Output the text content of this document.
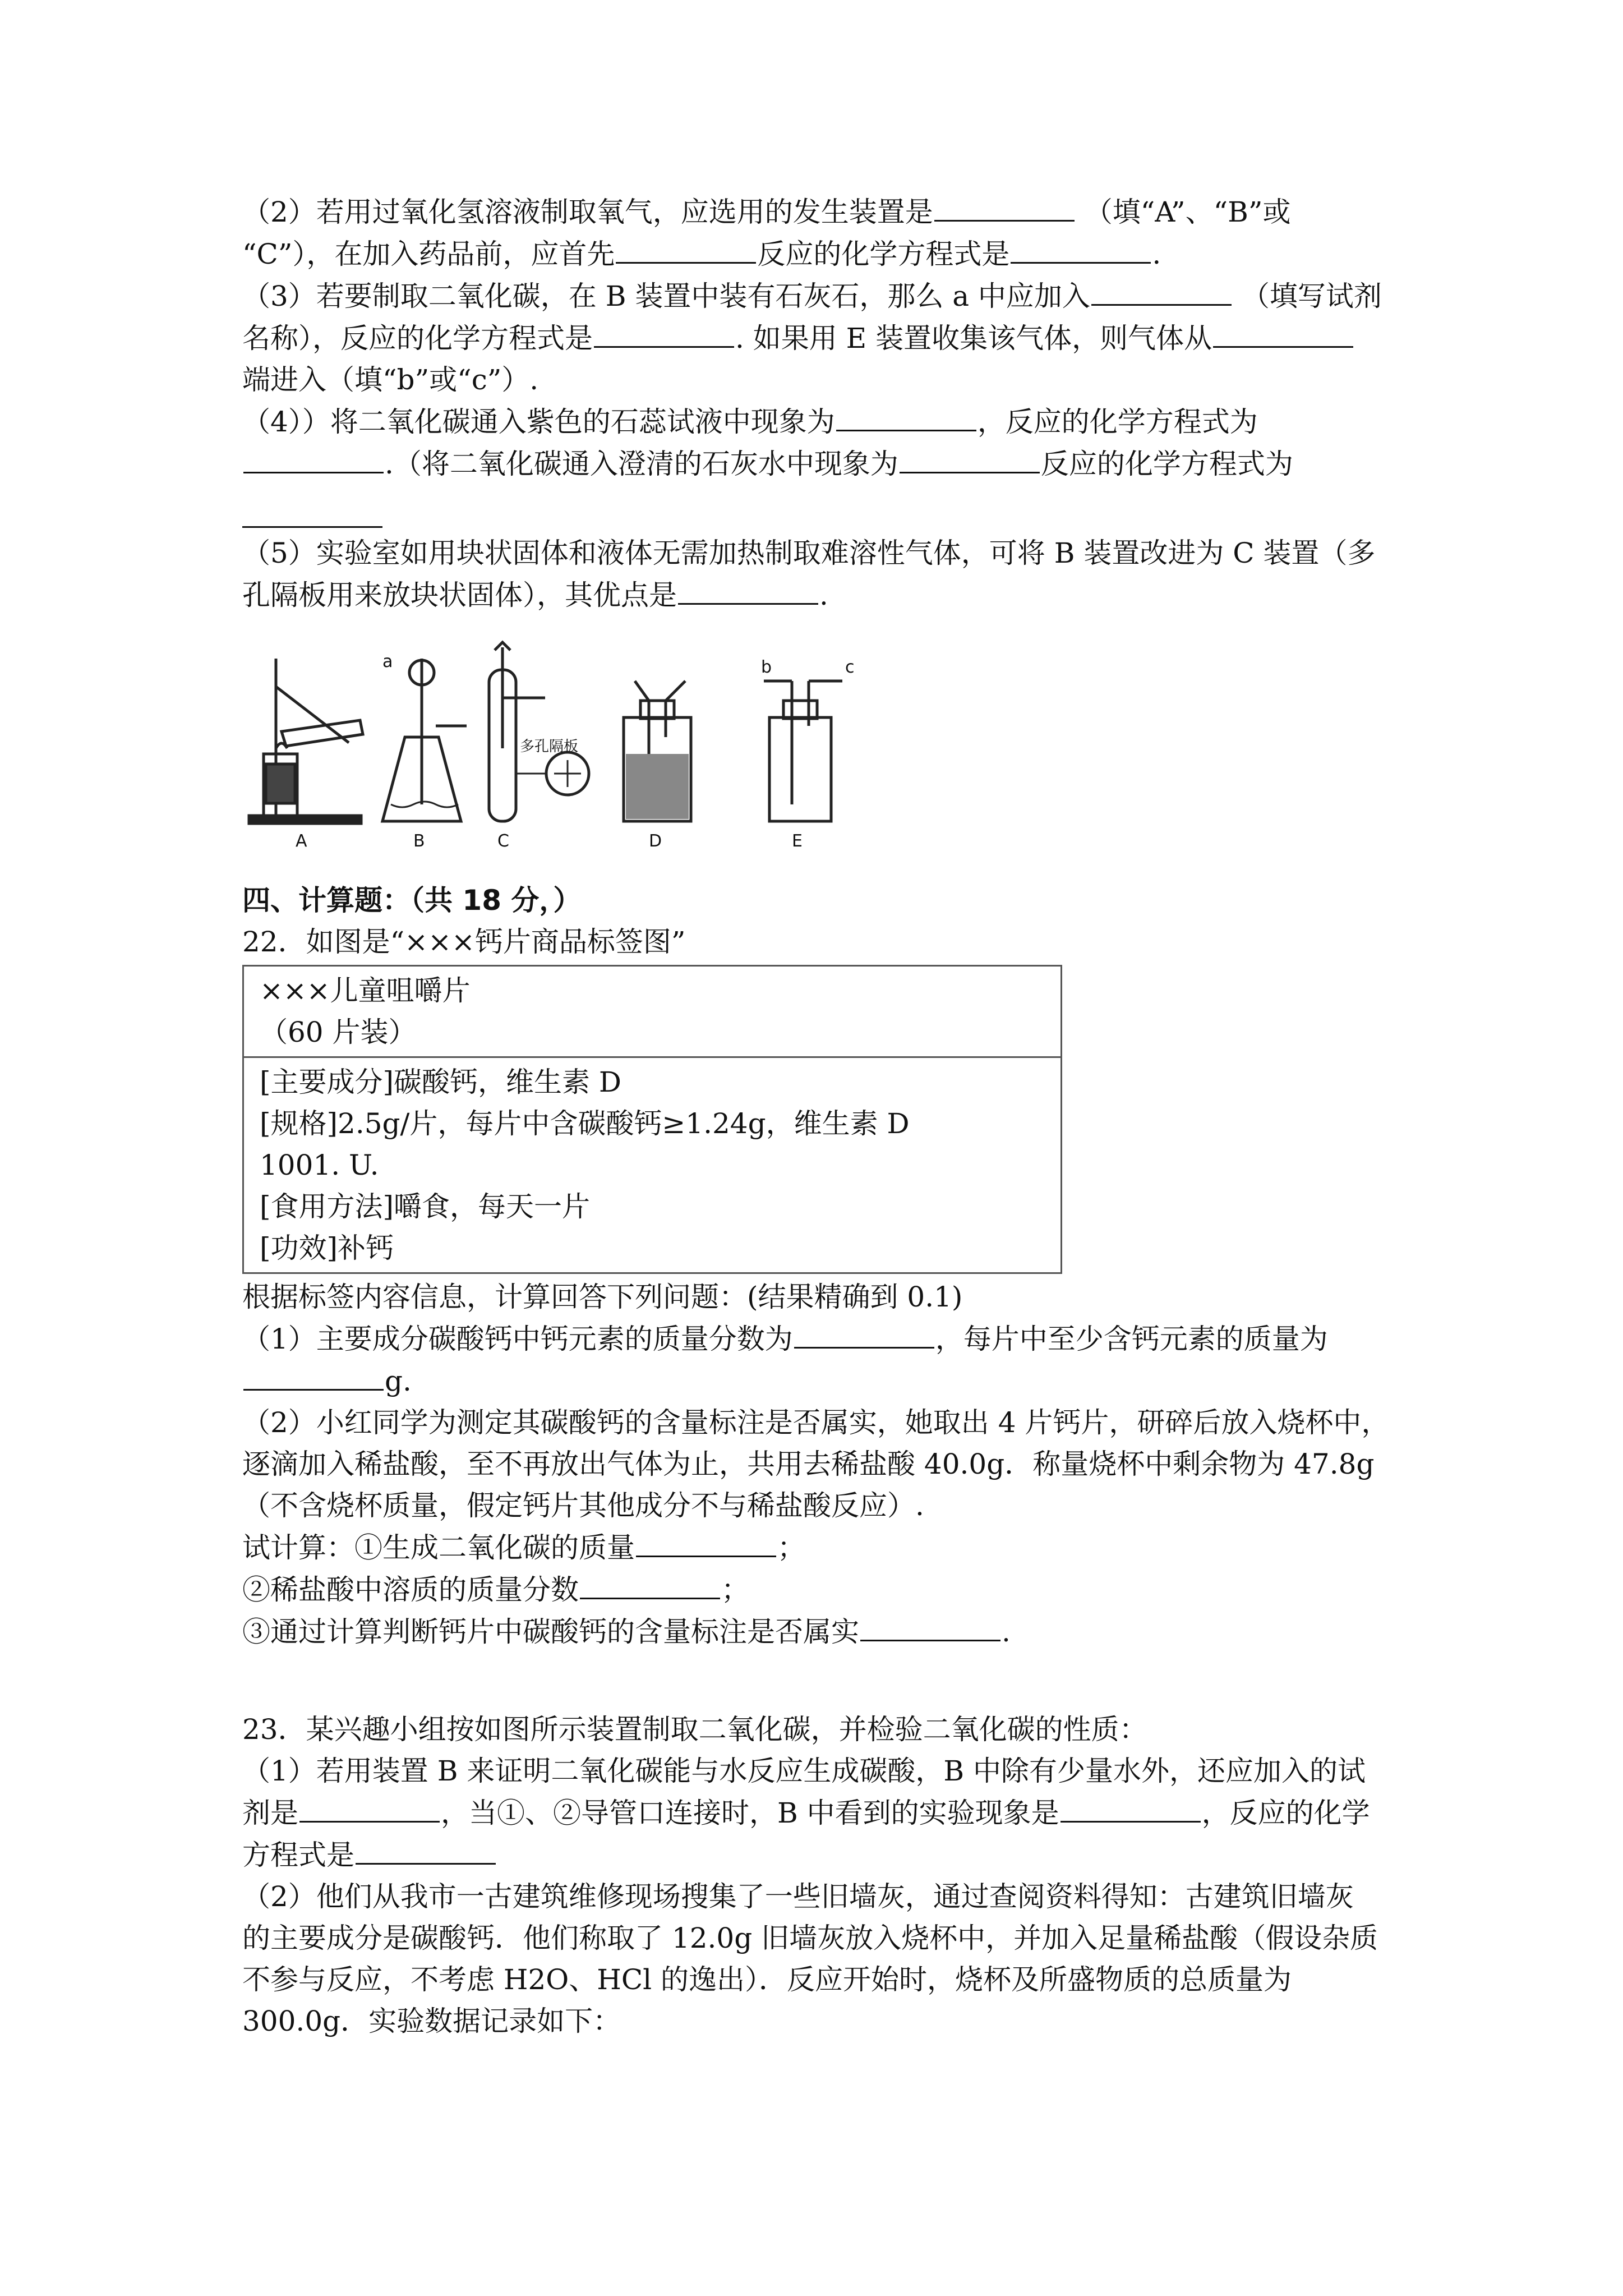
（2）若用过氧化氢溶液制取氧气，应选用的发生装置是	（填“A”、“B”或
“C”），在加入药品前，应首先	反应的化学方程式是	.

（3）若要制取二氧化碳，在 B 装置中装有石灰石，那么 a 中应加入	（填写试剂
名称），反应的化学方程式是	. 如果用 E 装置收集该气体，则气体从
端进入（填“b”或“c”）.

（4））将二氧化碳通入紫色的石蕊试液中现象为	，反应的化学方程式为
.（将二氧化碳通入澄清的石灰水中现象为	反应的化学方程式为

（5）实验室如用块状固体和液体无需加热制取难溶性气体，可将 B 装置改进为 C 装置（多
孔隔板用来放块状固体），其优点是	.

A	B	C	D	E
a	b	c
多孔隔板

四、计算题：（共 18 分，）

22．如图是“×××钙片商品标签图”

×××儿童咀嚼片
（60 片装）

[主要成分]碳酸钙，维生素 D
[规格]2.5g/片，每片中含碳酸钙≥1.24g，维生素 D
1001. U.
[食用方法]嚼食，每天一片
[功效]补钙

根据标签内容信息，计算回答下列问题：(结果精确到 0.1)

（1）主要成分碳酸钙中钙元素的质量分数为	，每片中至少含钙元素的质量为
g.

（2）小红同学为测定其碳酸钙的含量标注是否属实，她取出 4 片钙片，研碎后放入烧杯中，
逐滴加入稀盐酸，至不再放出气体为止，共用去稀盐酸 40.0g．称量烧杯中剩余物为 47.8g
（不含烧杯质量，假定钙片其他成分不与稀盐酸反应）.

试计算：①生成二氧化碳的质量	；

②稀盐酸中溶质的质量分数	；

③通过计算判断钙片中碳酸钙的含量标注是否属实	.

23．某兴趣小组按如图所示装置制取二氧化碳，并检验二氧化碳的性质：

（1）若用装置 B 来证明二氧化碳能与水反应生成碳酸，B 中除有少量水外，还应加入的试
剂是	，当①、②导管口连接时，B 中看到的实验现象是	，反应的化学
方程式是

（2）他们从我市一古建筑维修现场搜集了一些旧墙灰，通过查阅资料得知：古建筑旧墙灰
的主要成分是碳酸钙．他们称取了 12.0g 旧墙灰放入烧杯中，并加入足量稀盐酸（假设杂质
不参与反应，不考虑 H2O、HCl 的逸出）．反应开始时，烧杯及所盛物质的总质量为
300.0g．实验数据记录如下：
